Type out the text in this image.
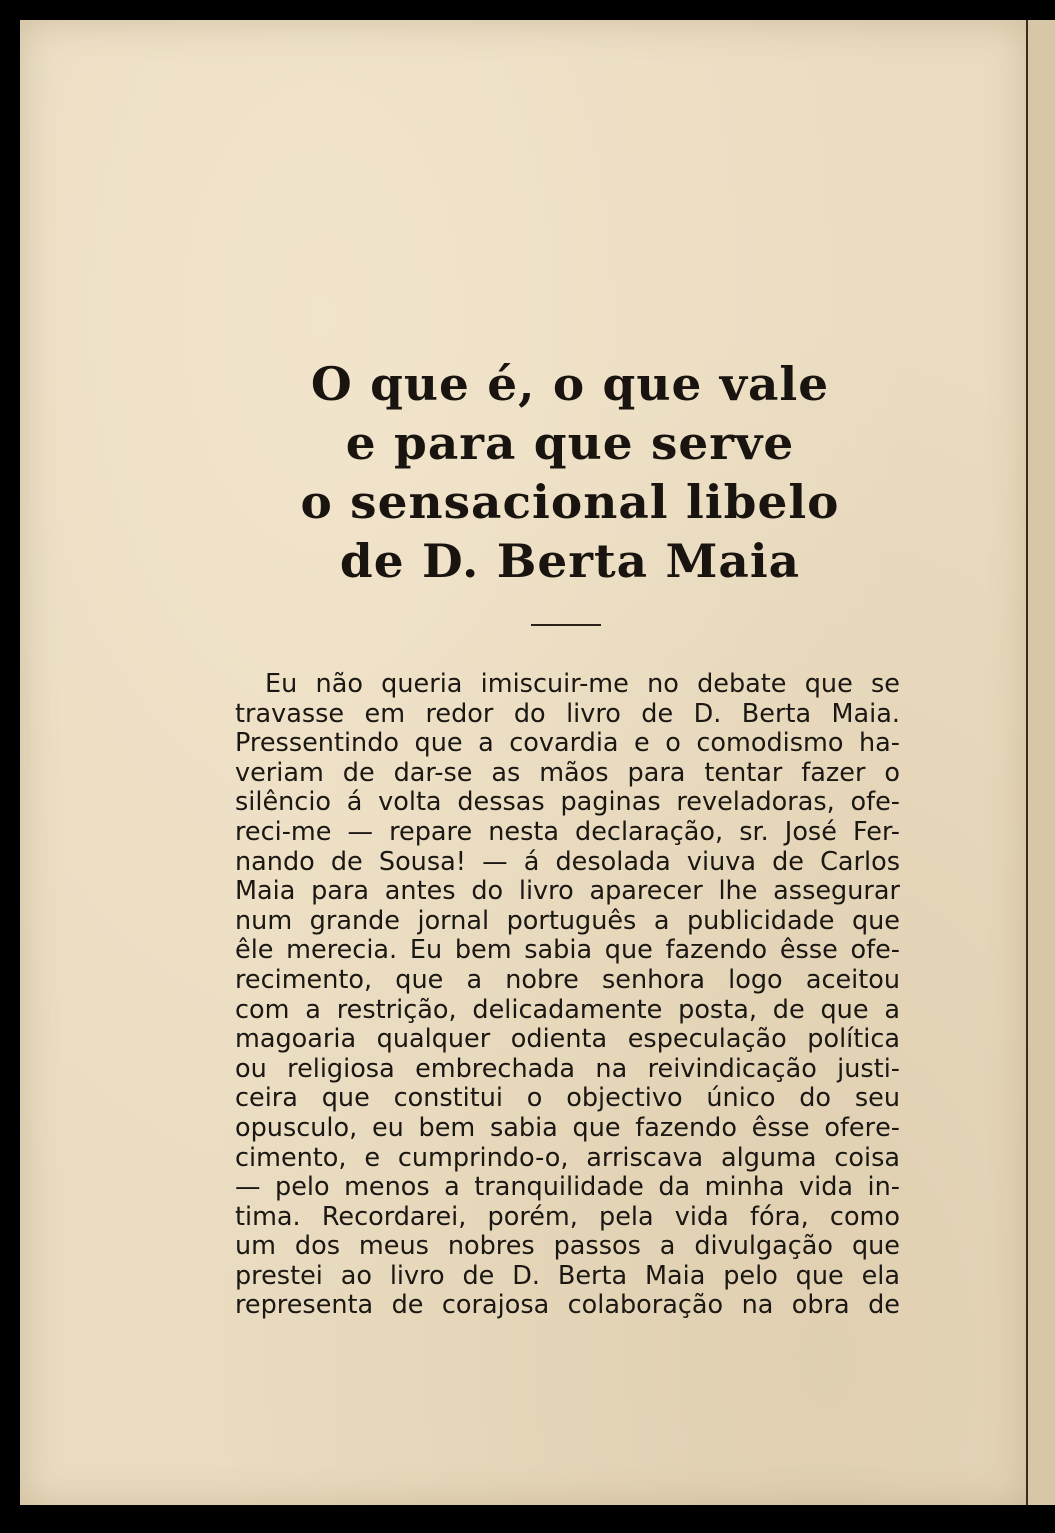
O que é, o que vale
e para que serve
o sensacional libelo
de D. Berta Maia
Eu não queria imiscuir-me no debate que se
travasse em redor do livro de D. Berta Maia.
Pressentindo que a covardia e o comodismo ha-
veriam de dar-se as mãos para tentar fazer o
silêncio á volta dessas paginas reveladoras, ofe-
reci-me — repare nesta declaração, sr. José Fer-
nando de Sousa! — á desolada viuva de Carlos
Maia para antes do livro aparecer lhe assegurar
num grande jornal português a publicidade que
êle merecia. Eu bem sabia que fazendo êsse ofe-
recimento, que a nobre senhora logo aceitou
com a restrição, delicadamente posta, de que a
magoaria qualquer odienta especulação política
ou religiosa embrechada na reivindicação justi-
ceira que constitui o objectivo único do seu
opusculo, eu bem sabia que fazendo êsse oferе-
cimento, e cumprindo-o, arriscava alguma coisa
— pelo menos a tranquilidade da minha vida in-
tima. Recordarei, porém, pela vida fóra, como
um dos meus nobres passos a divulgação que
prestei ao livro de D. Berta Maia pelo que ela
representa de corajosa colaboração na obra de
